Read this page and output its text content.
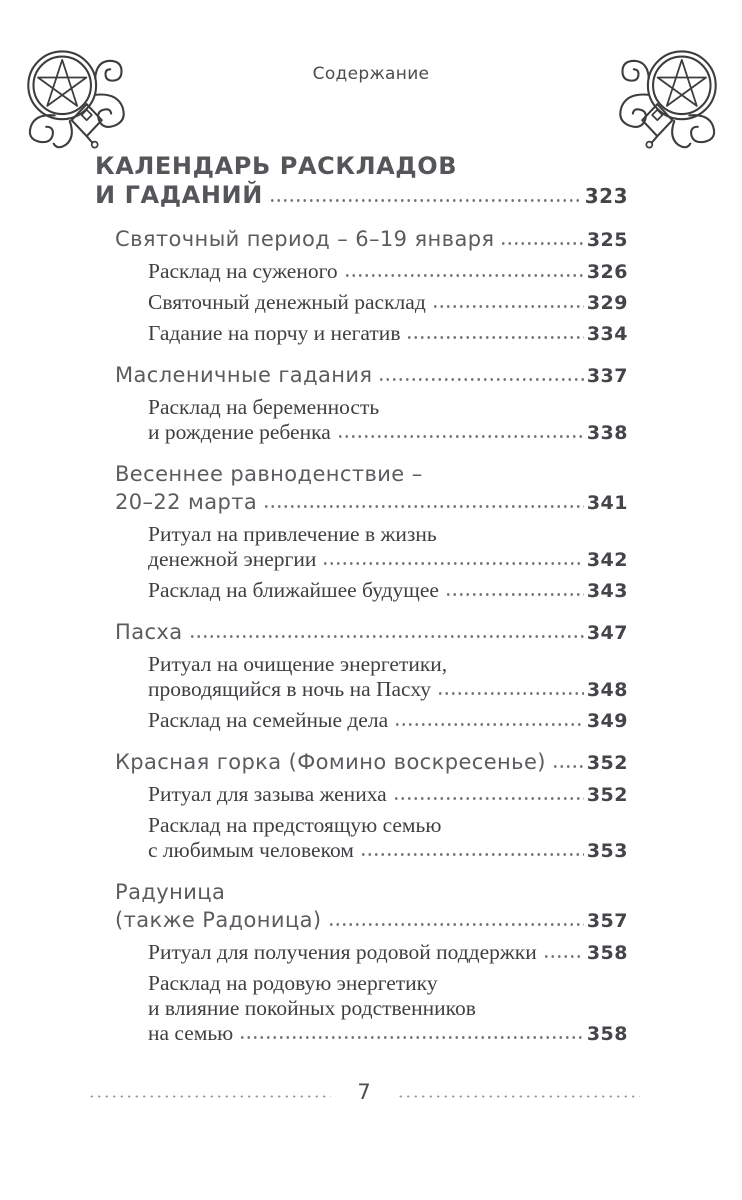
Содержание
КАЛЕНДАРЬ РАСКЛАДОВ
И ГАДАНИЙ	323
Святочный период – 6–19 января	325
Расклад на суженого	326
Святочный денежный расклад	329
Гадание на порчу и негатив	334
Масленичные гадания	337
Расклад на беременность
и рождение ребенка	338
Весеннее равноденствие –
20–22 марта	341
Ритуал на привлечение в жизнь
денежной энергии	342
Расклад на ближайшее будущее	343
Пасха	347
Ритуал на очищение энергетики,
проводящийся в ночь на Пасху	348
Расклад на семейные дела	349
Красная горка (Фомино воскресенье) 352
Ритуал для зазыва жениха	352
Расклад на предстоящую семью
с любимым человеком	353
Радуница
(также Радоница)	357
Ритуал для получения родовой поддержки	358
Расклад на родовую энергетику
и влияние покойных родственников
на семью	358
7
